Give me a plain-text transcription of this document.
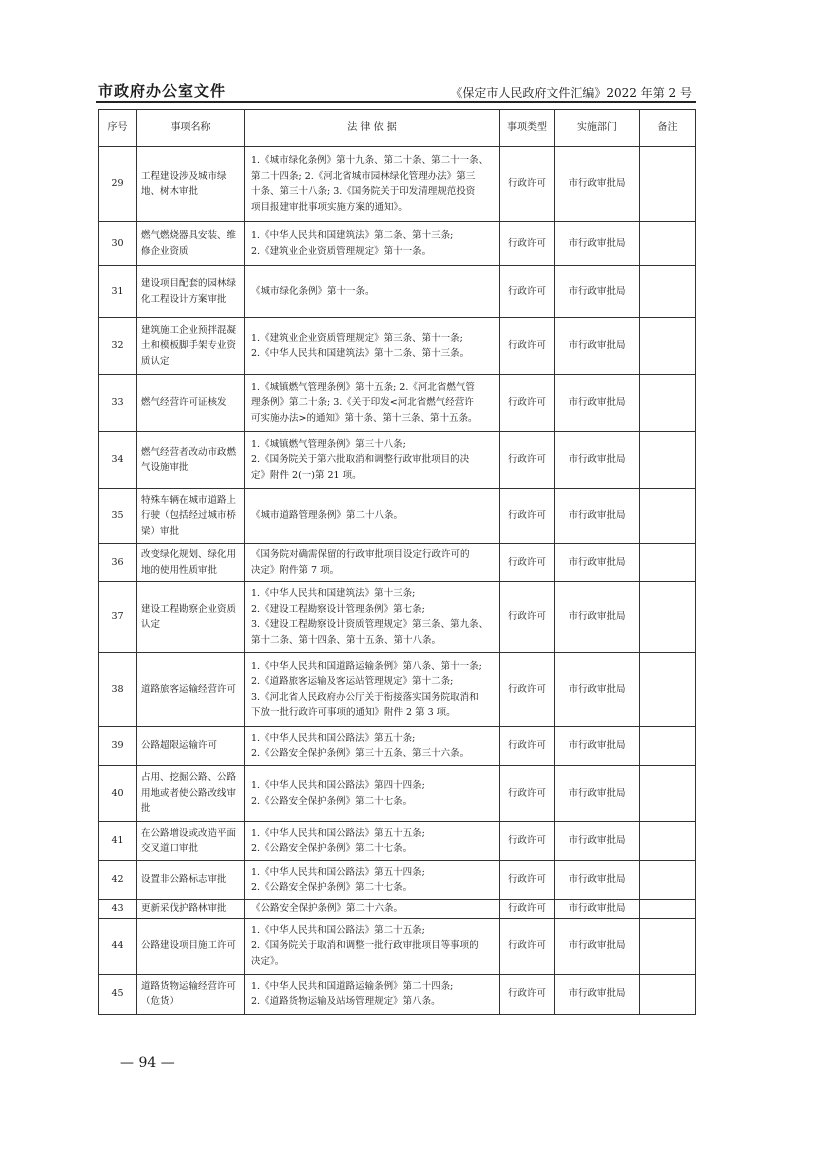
市政府办公室文件	《保定市人民政府文件汇编》2022 年第 2 号
序号	事项名称	法 律 依 据	事项类型	实施部门	备注
29	工程建设涉及城市绿地、树木审批	1.《城市绿化条例》第十九条、第二十条、第二十一条、
第二十四条; 2.《河北省城市园林绿化管理办法》第三
十条、第三十八条; 3.《国务院关于印发清理规范投资
项目报建审批事项实施方案的通知》。	行政许可	市行政审批局	
30	燃气燃烧器具安装、维修企业资质	1.《中华人民共和国建筑法》第二条、第十三条;
2.《建筑业企业资质管理规定》第十一条。	行政许可	市行政审批局	
31	建设项目配套的园林绿化工程设计方案审批	《城市绿化条例》第十一条。	行政许可	市行政审批局	
32	建筑施工企业预拌混凝土和模板脚手架专业资质认定	1.《建筑业企业资质管理规定》第三条、第十一条;
2.《中华人民共和国建筑法》第十二条、第十三条。	行政许可	市行政审批局	
33	燃气经营许可证核发	1.《城镇燃气管理条例》第十五条; 2.《河北省燃气管
理条例》第二十条; 3.《关于印发<河北省燃气经营许
可实施办法>的通知》第十条、第十三条、第十五条。	行政许可	市行政审批局	
34	燃气经营者改动市政燃气设施审批	1.《城镇燃气管理条例》第三十八条;
2.《国务院关于第六批取消和调整行政审批项目的决
定》附件 2(一)第 21 项。	行政许可	市行政审批局	
35	特殊车辆在城市道路上行驶（包括经过城市桥梁）审批	《城市道路管理条例》第二十八条。	行政许可	市行政审批局	
36	改变绿化规划、绿化用地的使用性质审批	《国务院对确需保留的行政审批项目设定行政许可的
决定》附件第 7 项。	行政许可	市行政审批局	
37	建设工程勘察企业资质认定	1.《中华人民共和国建筑法》第十三条;
2.《建设工程勘察设计管理条例》第七条;
3.《建设工程勘察设计资质管理规定》第三条、第九条、
第十二条、第十四条、第十五条、第十八条。	行政许可	市行政审批局	
38	道路旅客运输经营许可	1.《中华人民共和国道路运输条例》第八条、第十一条;
2.《道路旅客运输及客运站管理规定》第十二条;
3.《河北省人民政府办公厅关于衔接落实国务院取消和
下放一批行政许可事项的通知》附件 2 第 3 项。	行政许可	市行政审批局	
39	公路超限运输许可	1.《中华人民共和国公路法》第五十条;
2.《公路安全保护条例》第三十五条、第三十六条。	行政许可	市行政审批局	
40	占用、挖掘公路、公路用地或者使公路改线审批	1.《中华人民共和国公路法》第四十四条;
2.《公路安全保护条例》第二十七条。	行政许可	市行政审批局	
41	在公路增设或改造平面交叉道口审批	1.《中华人民共和国公路法》第五十五条;
2.《公路安全保护条例》第二十七条。	行政许可	市行政审批局	
42	设置非公路标志审批	1.《中华人民共和国公路法》第五十四条;
2.《公路安全保护条例》第二十七条。	行政许可	市行政审批局	
43	更新采伐护路林审批	《公路安全保护条例》第二十六条。	行政许可	市行政审批局	
44	公路建设项目施工许可	1.《中华人民共和国公路法》第二十五条;
2.《国务院关于取消和调整一批行政审批项目等事项的
决定》。	行政许可	市行政审批局	
45	道路货物运输经营许可（危货）	1.《中华人民共和国道路运输条例》第二十四条;
2.《道路货物运输及站场管理规定》第八条。	行政许可	市行政审批局	
— 94 —
